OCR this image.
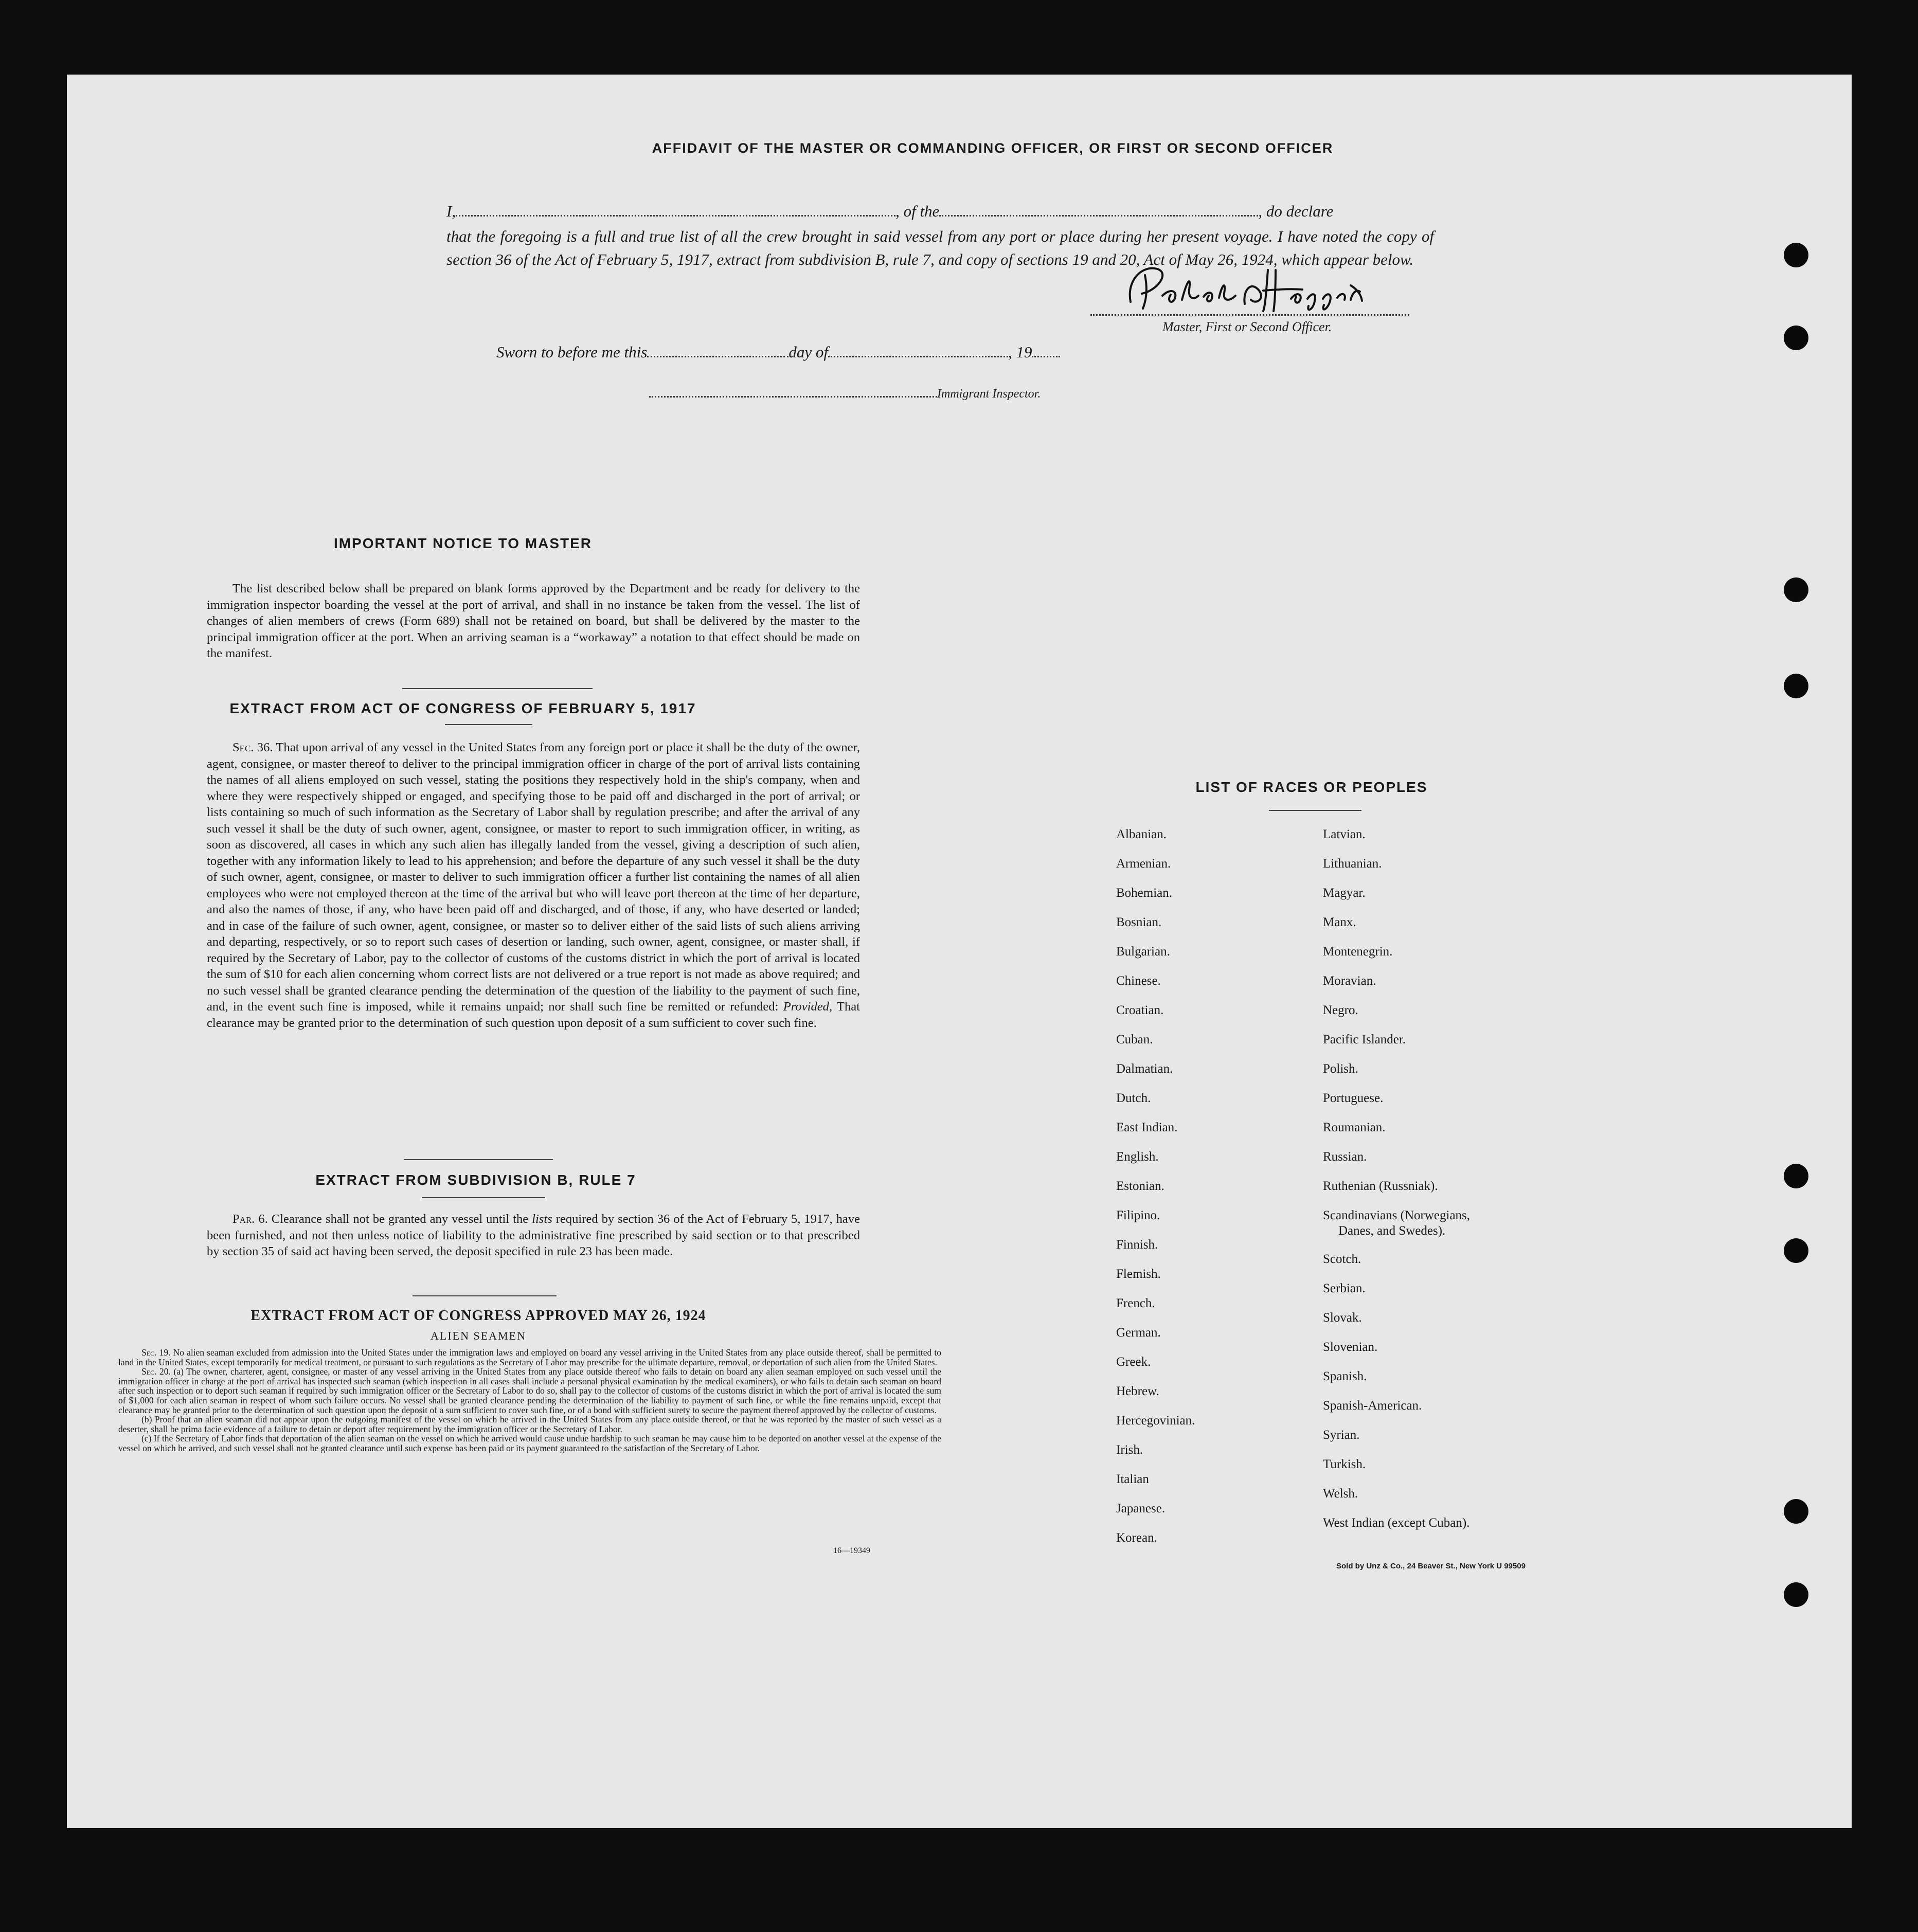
AFFIDAVIT OF THE MASTER OR COMMANDING OFFICER, OR FIRST OR SECOND OFFICER
I,	, of the	, do declare
that the foregoing is a full and true list of all the crew brought in said vessel from any port or place during her present voyage. I have noted the copy of section 36 of the Act of February 5, 1917, extract from subdivision B, rule 7, and copy of sections 19 and 20, Act of May 26, 1924, which appear below.
Master, First or Second Officer.
Sworn to before me this	day of	, 19
Immigrant Inspector.
IMPORTANT NOTICE TO MASTER
The list described below shall be prepared on blank forms approved by the Department and be ready for delivery to the immigration inspector boarding the vessel at the port of arrival, and shall in no instance be taken from the vessel. The list of changes of alien members of crews (Form 689) shall not be retained on board, but shall be delivered by the master to the principal immigration officer at the port. When an arriving seaman is a “workaway” a notation to that effect should be made on the manifest.
EXTRACT FROM ACT OF CONGRESS OF FEBRUARY 5, 1917
Sec. 36. That upon arrival of any vessel in the United States from any foreign port or place it shall be the duty of the owner, agent, consignee, or master thereof to deliver to the principal immigration officer in charge of the port of arrival lists containing the names of all aliens employed on such vessel, stating the positions they respectively hold in the ship's company, when and where they were respectively shipped or engaged, and specifying those to be paid off and discharged in the port of arrival; or lists containing so much of such information as the Secretary of Labor shall by regulation prescribe; and after the arrival of any such vessel it shall be the duty of such owner, agent, consignee, or master to report to such immigration officer, in writing, as soon as discovered, all cases in which any such alien has illegally landed from the vessel, giving a description of such alien, together with any information likely to lead to his apprehension; and before the departure of any such vessel it shall be the duty of such owner, agent, consignee, or master to deliver to such immigration officer a further list containing the names of all alien employees who were not employed thereon at the time of the arrival but who will leave port thereon at the time of her departure, and also the names of those, if any, who have been paid off and discharged, and of those, if any, who have deserted or landed; and in case of the failure of such owner, agent, consignee, or master so to deliver either of the said lists of such aliens arriving and departing, respectively, or so to report such cases of desertion or landing, such owner, agent, consignee, or master shall, if required by the Secretary of Labor, pay to the collector of customs of the customs district in which the port of arrival is located the sum of $10 for each alien concerning whom correct lists are not delivered or a true report is not made as above required; and no such vessel shall be granted clearance pending the determination of the question of the liability to the payment of such fine, and, in the event such fine is imposed, while it remains unpaid; nor shall such fine be remitted or refunded: Provided, That clearance may be granted prior to the determination of such question upon deposit of a sum sufficient to cover such fine.
EXTRACT FROM SUBDIVISION B, RULE 7
Par. 6. Clearance shall not be granted any vessel until the lists required by section 36 of the Act of February 5, 1917, have been furnished, and not then unless notice of liability to the administrative fine prescribed by said section or to that prescribed by section 35 of said act having been served, the deposit specified in rule 23 has been made.
EXTRACT FROM ACT OF CONGRESS APPROVED MAY 26, 1924
ALIEN SEAMEN
Sec. 19. No alien seaman excluded from admission into the United States under the immigration laws and employed on board any vessel arriving in the United States from any place outside thereof, shall be permitted to land in the United States, except temporarily for medical treatment, or pursuant to such regulations as the Secretary of Labor may prescribe for the ultimate departure, removal, or deportation of such alien from the United States.
Sec. 20. (a) The owner, charterer, agent, consignee, or master of any vessel arriving in the United States from any place outside thereof who fails to detain on board any alien seaman employed on such vessel until the immigration officer in charge at the port of arrival has inspected such seaman (which inspection in all cases shall include a personal physical examination by the medical examiners), or who fails to detain such seaman on board after such inspection or to deport such seaman if required by such immigration officer or the Secretary of Labor to do so, shall pay to the collector of customs of the customs district in which the port of arrival is located the sum of $1,000 for each alien seaman in respect of whom such failure occurs. No vessel shall be granted clearance pending the determination of the liability to payment of such fine, or while the fine remains unpaid, except that clearance may be granted prior to the determination of such question upon the deposit of a sum sufficient to cover such fine, or of a bond with sufficient surety to secure the payment thereof approved by the collector of customs.
(b) Proof that an alien seaman did not appear upon the outgoing manifest of the vessel on which he arrived in the United States from any place outside thereof, or that he was reported by the master of such vessel as a deserter, shall be prima facie evidence of a failure to detain or deport after requirement by the immigration officer or the Secretary of Labor.
(c) If the Secretary of Labor finds that deportation of the alien seaman on the vessel on which he arrived would cause undue hardship to such seaman he may cause him to be deported on another vessel at the expense of the vessel on which he arrived, and such vessel shall not be granted clearance until such expense has been paid or its payment guaranteed to the satisfaction of the Secretary of Labor.
16—19349
LIST OF RACES OR PEOPLES
Sold by Unz & Co., 24 Beaver St., New York U 99509
Albanian.
Armenian.
Bohemian.
Bosnian.
Bulgarian.
Chinese.
Croatian.
Cuban.
Dalmatian.
Dutch.
East Indian.
English.
Estonian.
Filipino.
Finnish.
Flemish.
French.
German.
Greek.
Hebrew.
Hercegovinian.
Irish.
Italian
Japanese.
Korean.
Latvian.
Lithuanian.
Magyar.
Manx.
Montenegrin.
Moravian.
Negro.
Pacific Islander.
Polish.
Portuguese.
Roumanian.
Russian.
Ruthenian (Russniak).
Scandinavians (Norwegians,
Danes, and Swedes).
Scotch.
Serbian.
Slovak.
Slovenian.
Spanish.
Spanish-American.
Syrian.
Turkish.
Welsh.
West Indian (except Cuban).
